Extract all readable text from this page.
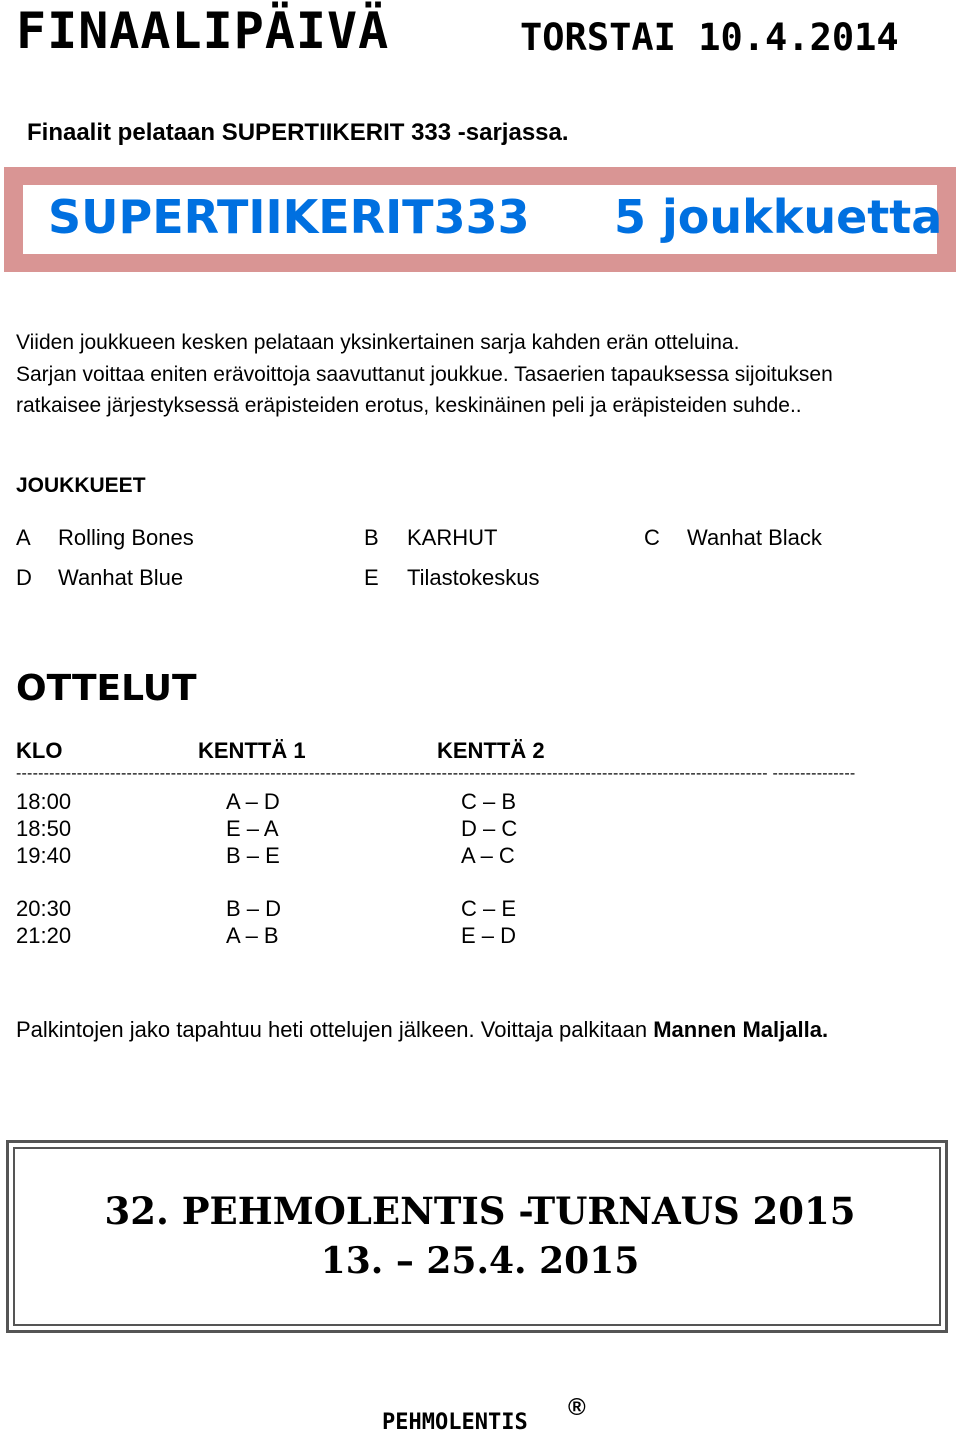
FINAALIPÄIVÄ	TORSTAI 10.4.2014
Finaalit pelataan SUPERTIIKERIT 333 -sarjassa.
SUPERTIIKERIT333 5 joukkuetta
Viiden joukkueen kesken pelataan yksinkertainen sarja kahden erän otteluina.
Sarjan voittaa eniten erävoittoja saavuttanut joukkue. Tasaerien tapauksessa sijoituksen
ratkaisee järjestyksessä eräpisteiden erotus, keskinäinen peli ja eräpisteiden suhde..
JOUKKUEET
A Rolling Bones	B KARHUT	C Wanhat Black
D Wanhat Blue	E Tilastokeskus
OTTELUT
KLO	KENTTÄ 1	KENTTÄ 2
---------------------------------------------------------------------------------------------------------------------------------------- ---------------
18:00	A – D	C – B
18:50	E – A	D – C
19:40	B – E	A – C
20:30	B – D	C – E
21:20	A – B	E – D
Palkintojen jako tapahtuu heti ottelujen jälkeen. Voittaja palkitaan Mannen Maljalla.
32. PEHMOLENTIS -TURNAUS 2015
13. – 25.4. 2015
PEHMOLENTIS
®
